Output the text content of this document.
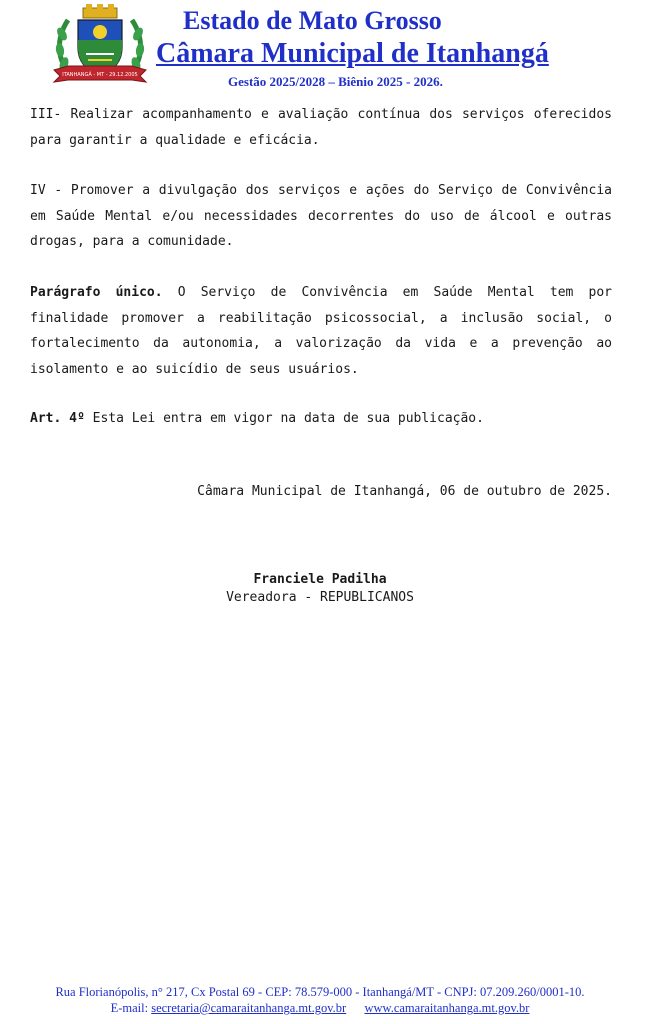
ITANHANGÁ - MT - 29.12.2005
Estado de Mato Grosso
Câmara Municipal de Itanhangá
Gestão 2025/2028 – Biênio 2025 - 2026.

III- Realizar acompanhamento e avaliação contínua dos serviços oferecidos para garantir a qualidade e eficácia.

IV - Promover a divulgação dos serviços e ações do Serviço de Convivência em Saúde Mental e/ou necessidades decorrentes do uso de álcool e outras drogas, para a comunidade.

Parágrafo único. O Serviço de Convivência em Saúde Mental tem por finalidade promover a reabilitação psicossocial, a inclusão social, o fortalecimento da autonomia, a valorização da vida e a prevenção ao isolamento e ao suicídio de seus usuários.

Art. 4º Esta Lei entra em vigor na data de sua publicação.

Câmara Municipal de Itanhangá, 06 de outubro de 2025.
Franciele Padilha
Vereadora - REPUBLICANOS
Rua Florianópolis, n° 217, Cx Postal 69 - CEP: 78.579-000 - Itanhangá/MT - CNPJ: 07.209.260/0001-10.
E-mail: secretaria@camaraitanhanga.mt.gov.br www.camaraitanhanga.mt.gov.br
